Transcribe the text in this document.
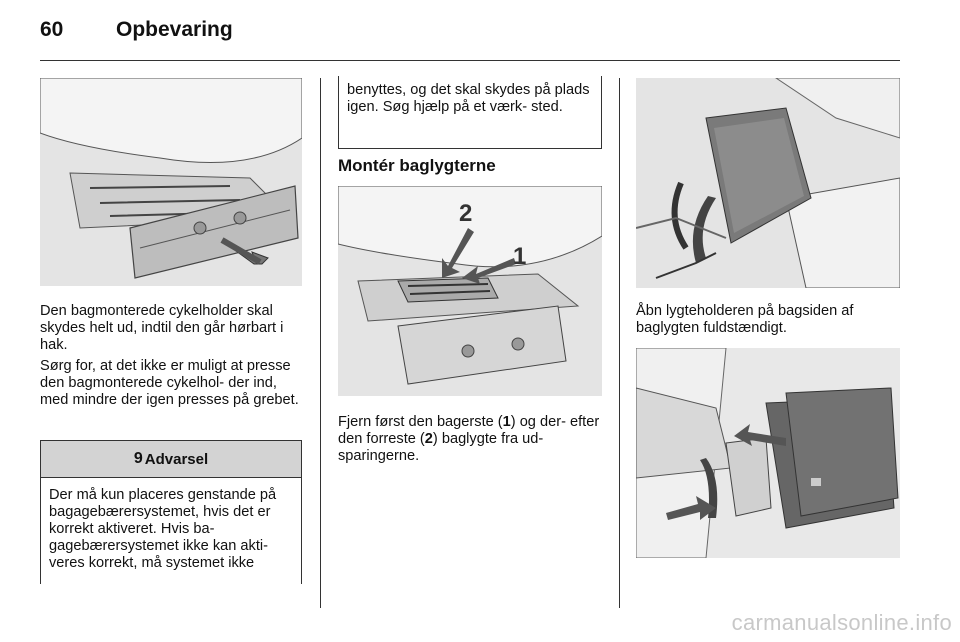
60	Opbevaring

Den bagmonterede cykelholder skal skydes helt ud, indtil den går hørbart i hak.

Sørg for, at det ikke er muligt at presse den bagmonterede cykelhol- der ind, med mindre der igen presses på grebet.

9 Advarsel

Der må kun placeres genstande på bagagebærersystemet, hvis det er korrekt aktiveret. Hvis ba- gagebærersystemet ikke kan akti- veres korrekt, må systemet ikke

benyttes, og det skal skydes på plads igen. Søg hjælp på et værk- sted.

Montér baglygterne
2
1

Fjern først den bagerste (1) og der- efter den forreste (2) baglygte fra ud- sparingerne.

Åbn lygteholderen på bagsiden af baglygten fuldstændigt.

carmanualsonline.info
